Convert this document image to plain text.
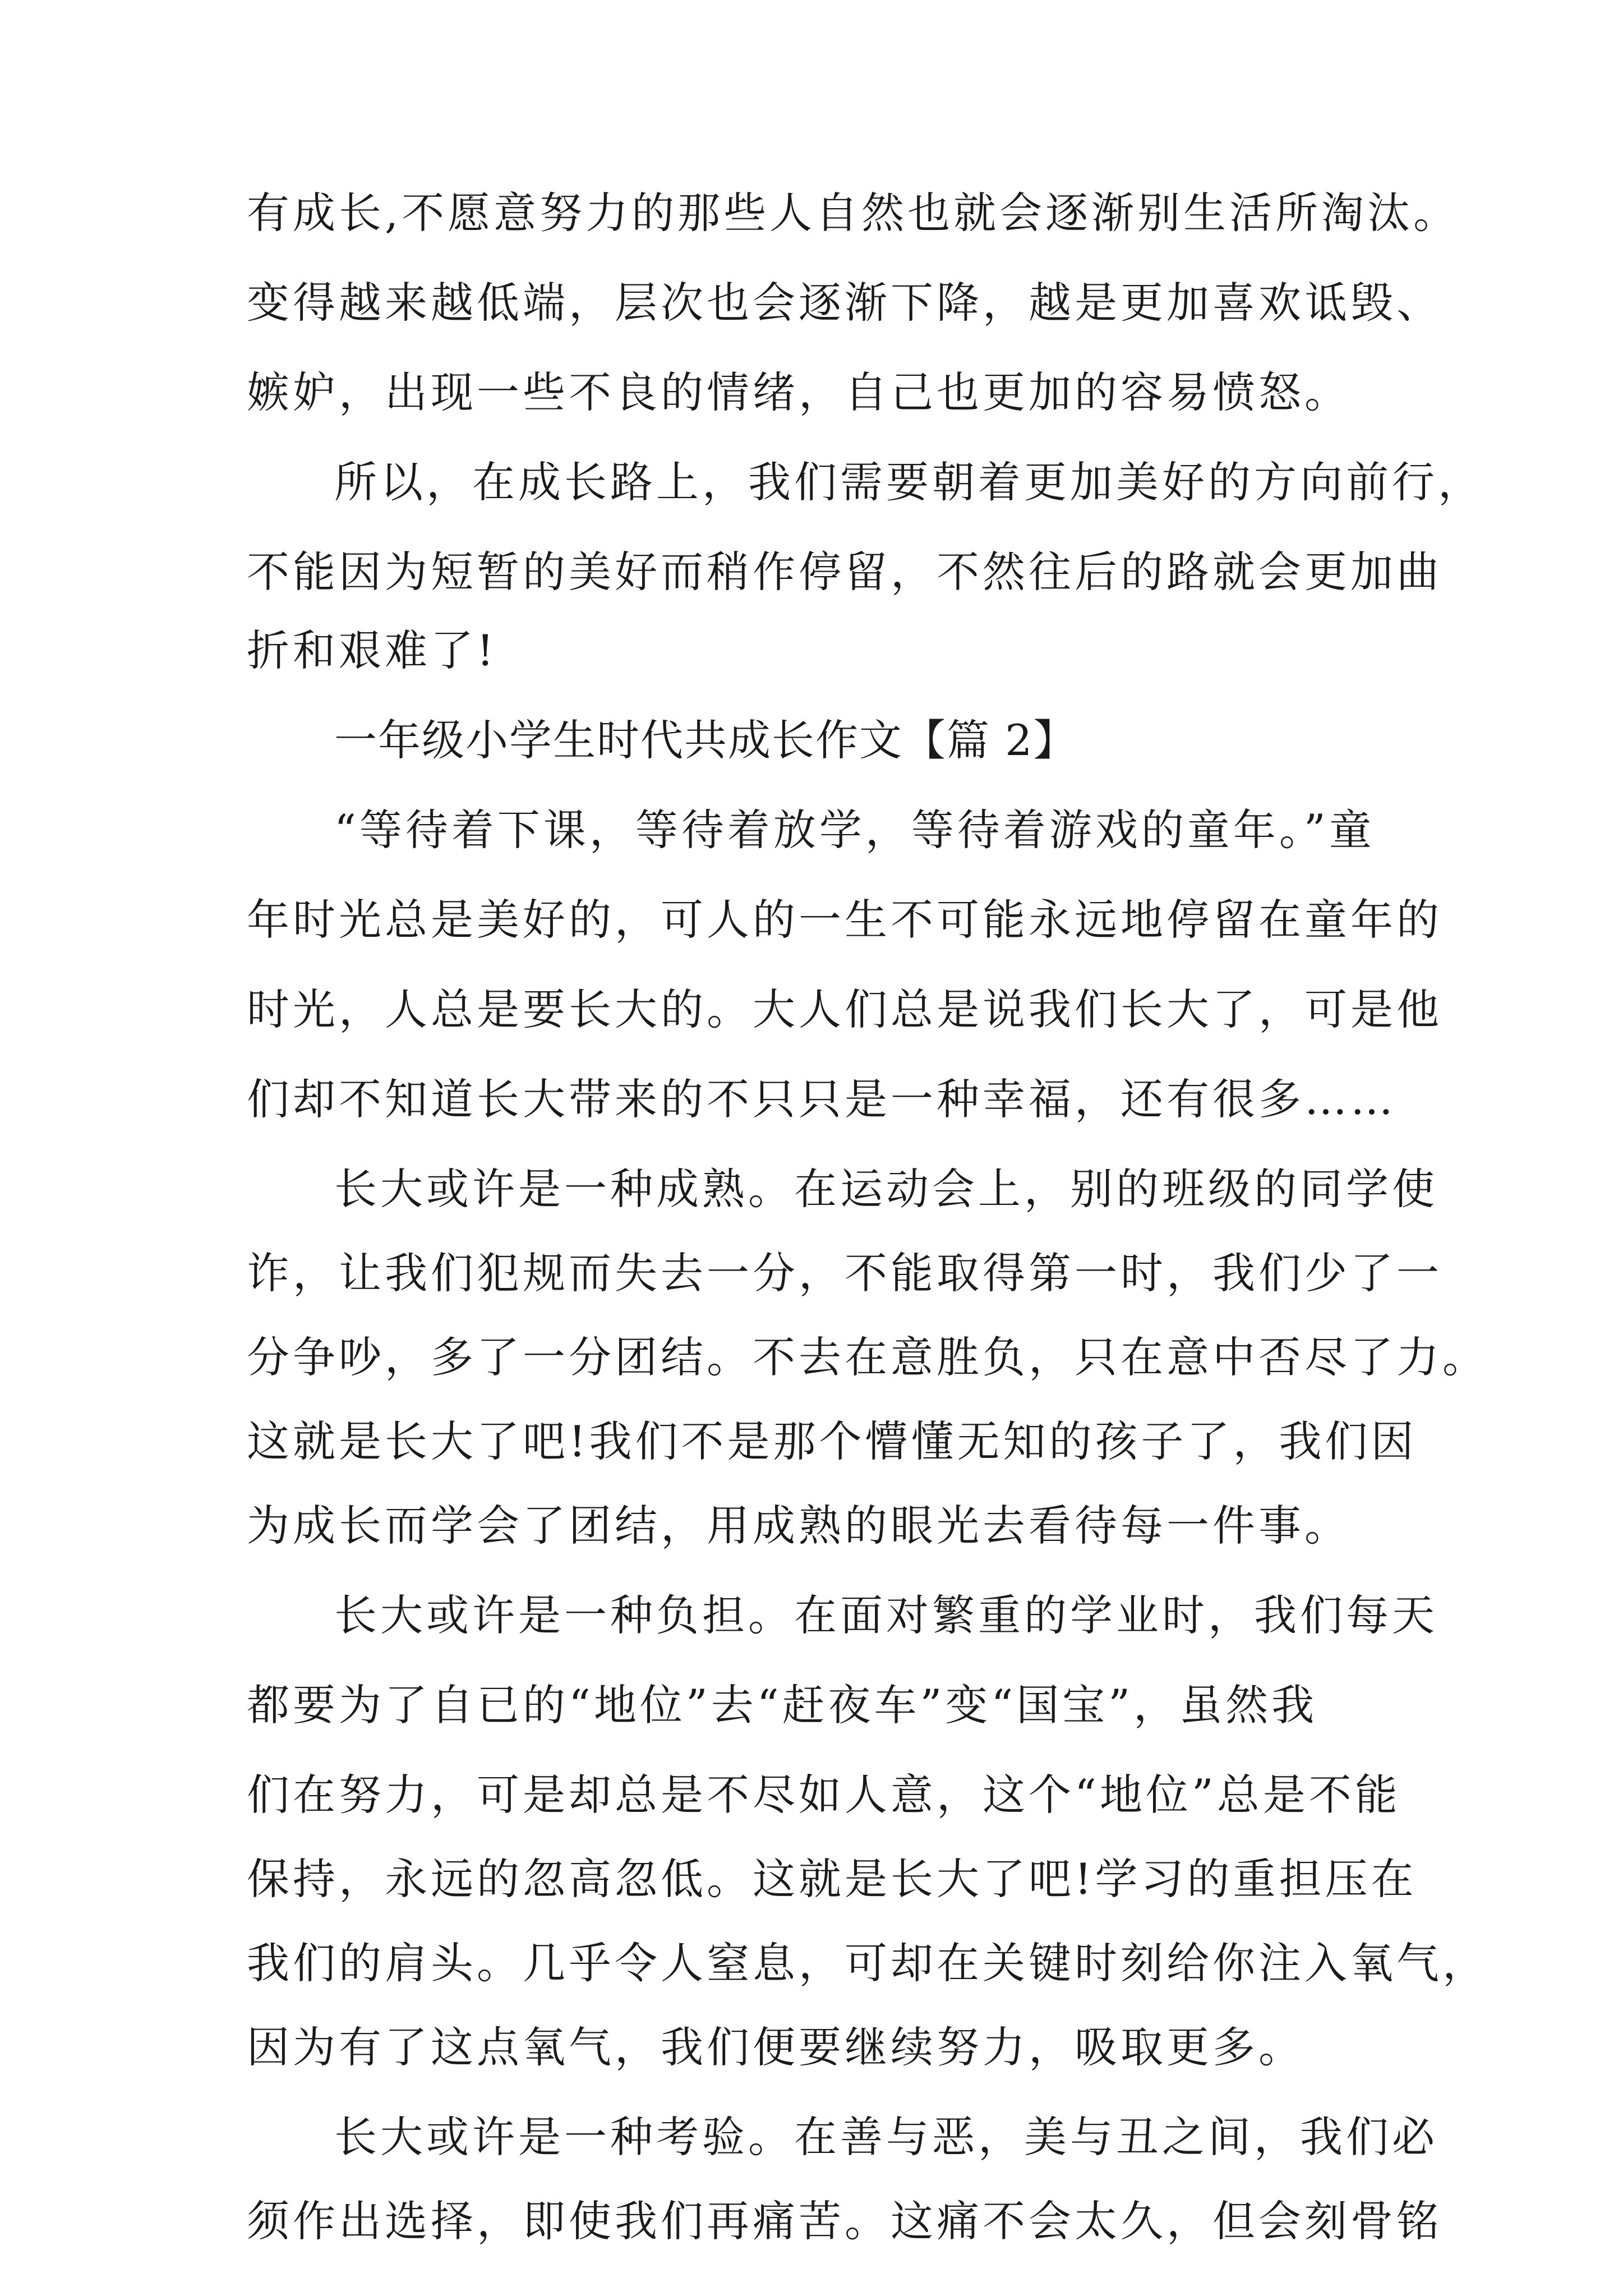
有成长,不愿意努力的那些人自然也就会逐渐别生活所淘汰。
变得越来越低端，层次也会逐渐下降，越是更加喜欢诋毁、
嫉妒，出现一些不良的情绪，自己也更加的容易愤怒。
所以，在成长路上，我们需要朝着更加美好的方向前行，
不能因为短暂的美好而稍作停留，不然往后的路就会更加曲
折和艰难了!
一年级小学生时代共成长作文【篇 2】
“等待着下课，等待着放学，等待着游戏的童年。”童
年时光总是美好的，可人的一生不可能永远地停留在童年的
时光，人总是要长大的。大人们总是说我们长大了，可是他
们却不知道长大带来的不只只是一种幸福，还有很多……
长大或许是一种成熟。在运动会上，别的班级的同学使
诈，让我们犯规而失去一分，不能取得第一时，我们少了一
分争吵，多了一分团结。不去在意胜负，只在意中否尽了力。
这就是长大了吧!我们不是那个懵懂无知的孩子了，我们因
为成长而学会了团结，用成熟的眼光去看待每一件事。
长大或许是一种负担。在面对繁重的学业时，我们每天
都要为了自已的“地位”去“赶夜车”变“国宝”，虽然我
们在努力，可是却总是不尽如人意，这个“地位”总是不能
保持，永远的忽高忽低。这就是长大了吧!学习的重担压在
我们的肩头。几乎令人窒息，可却在关键时刻给你注入氧气，
因为有了这点氧气，我们便要继续努力，吸取更多。
长大或许是一种考验。在善与恶，美与丑之间，我们必
须作出选择，即使我们再痛苦。这痛不会太久，但会刻骨铭
